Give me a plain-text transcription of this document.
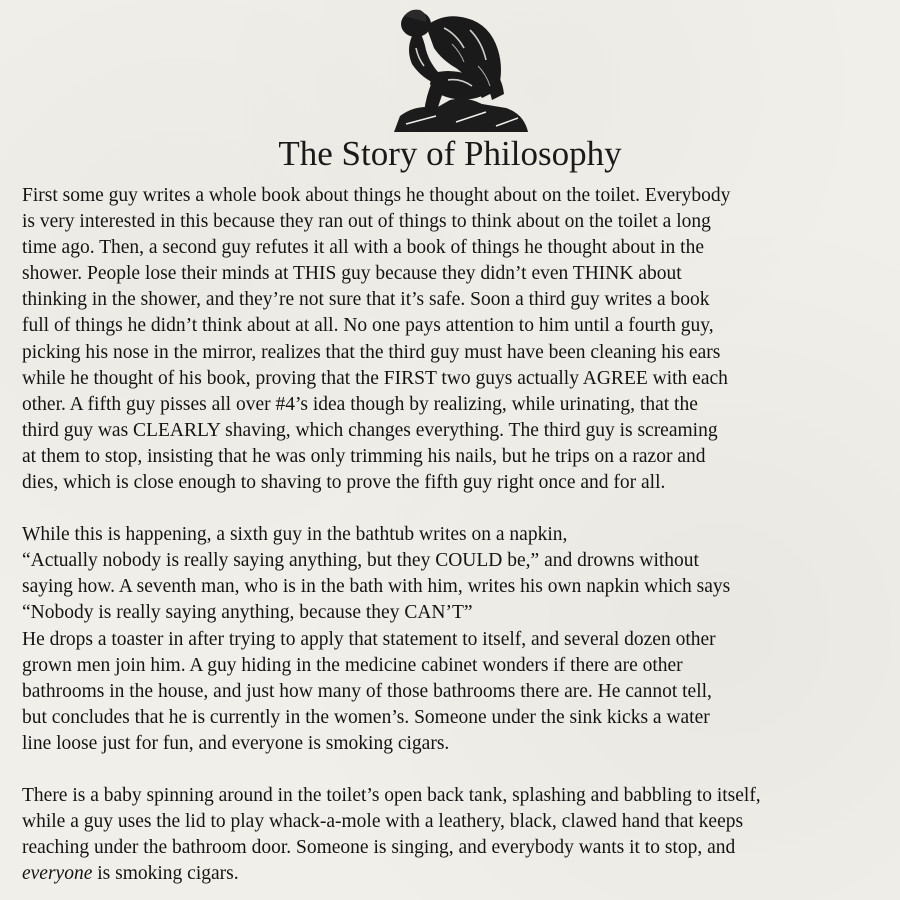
The Story of Philosophy
First some guy writes a whole book about things he thought about on the toilet. Everybody
is very interested in this because they ran out of things to think about on the toilet a long
time ago. Then, a second guy refutes it all with a book of things he thought about in the
shower. People lose their minds at THIS guy because they didn’t even THINK about
thinking in the shower, and they’re not sure that it’s safe. Soon a third guy writes a book
full of things he didn’t think about at all. No one pays attention to him until a fourth guy,
picking his nose in the mirror, realizes that the third guy must have been cleaning his ears
while he thought of his book, proving that the FIRST two guys actually AGREE with each
other. A fifth guy pisses all over #4’s idea though by realizing, while urinating, that the
third guy was CLEARLY shaving, which changes everything. The third guy is screaming
at them to stop, insisting that he was only trimming his nails, but he trips on a razor and
dies, which is close enough to shaving to prove the fifth guy right once and for all.
While this is happening, a sixth guy in the bathtub writes on a napkin,
“Actually nobody is really saying anything, but they COULD be,” and drowns without
saying how. A seventh man, who is in the bath with him, writes his own napkin which says
“Nobody is really saying anything, because they CAN’T”
He drops a toaster in after trying to apply that statement to itself, and several dozen other
grown men join him. A guy hiding in the medicine cabinet wonders if there are other
bathrooms in the house, and just how many of those bathrooms there are. He cannot tell,
but concludes that he is currently in the women’s. Someone under the sink kicks a water
line loose just for fun, and everyone is smoking cigars.
There is a baby spinning around in the toilet’s open back tank, splashing and babbling to itself,
while a guy uses the lid to play whack-a-mole with a leathery, black, clawed hand that keeps
reaching under the bathroom door. Someone is singing, and everybody wants it to stop, and
everyone is smoking cigars.
